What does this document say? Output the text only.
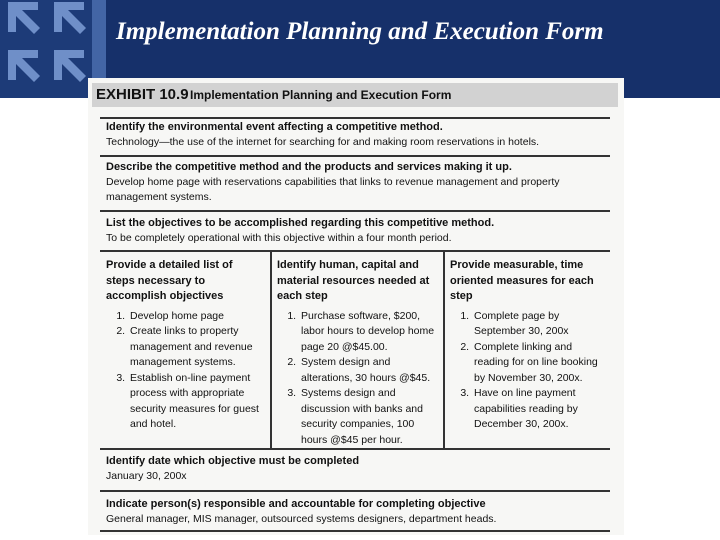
Implementation Planning and Execution Form
EXHIBIT 10.9 Implementation Planning and Execution Form
Identify the environmental event affecting a competitive method.
Technology—the use of the internet for searching for and making room reservations in hotels.
Describe the competitive method and the products and services making it up.
Develop home page with reservations capabilities that links to revenue management and property management systems.
List the objectives to be accomplished regarding this competitive method.
To be completely operational with this objective within a four month period.
Provide a detailed list of steps necessary to accomplish objectives
1. Develop home page
2. Create links to property management and revenue management systems.
3. Establish on-line payment process with appropriate security measures for guest and hotel.
Identify human, capital and material resources needed at each step
1. Purchase software, $200, labor hours to develop home page 20 @$45.00.
2. System design and alterations, 30 hours @$45.
3. Systems design and discussion with banks and security companies, 100 hours @$45 per hour.
Provide measurable, time oriented measures for each step
1. Complete page by September 30, 200x
2. Complete linking and reading for on line booking by November 30, 200x.
3. Have on line payment capabilities reading by December 30, 200x.
Identify date which objective must be completed
January 30, 200x
Indicate person(s) responsible and accountable for completing objective
General manager, MIS manager, outsourced systems designers, department heads.
